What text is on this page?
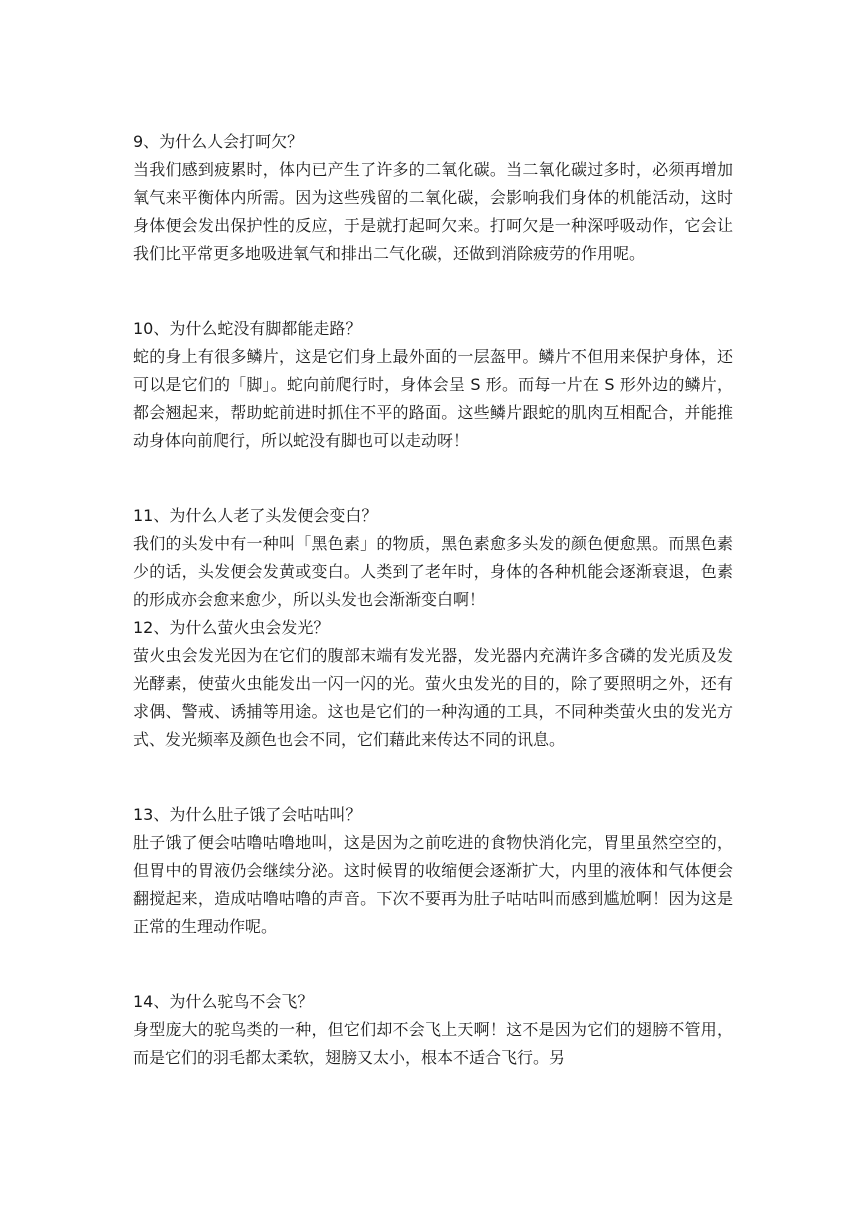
9、为什么人会打呵欠？

当我们感到疲累时，体内已产生了许多的二氧化碳。当二氧化碳过多时，必须再增加氧气来平衡体内所需。因为这些残留的二氧化碳，会影响我们身体的机能活动，这时身体便会发出保护性的反应，于是就打起呵欠来。打呵欠是一种深呼吸动作，它会让我们比平常更多地吸进氧气和排出二气化碳，还做到消除疲劳的作用呢。

10、为什么蛇没有脚都能走路？

蛇的身上有很多鳞片，这是它们身上最外面的一层盔甲。鳞片不但用来保护身体，还可以是它们的「脚」。蛇向前爬行时，身体会呈 S 形。而每一片在 S 形外边的鳞片，都会翘起来，帮助蛇前进时抓住不平的路面。这些鳞片跟蛇的肌肉互相配合，并能推动身体向前爬行，所以蛇没有脚也可以走动呀！

11、为什么人老了头发便会变白？

我们的头发中有一种叫「黑色素」的物质，黑色素愈多头发的颜色便愈黑。而黑色素少的话，头发便会发黄或变白。人类到了老年时，身体的各种机能会逐渐衰退，色素的形成亦会愈来愈少，所以头发也会渐渐变白啊！

12、为什么萤火虫会发光？

萤火虫会发光因为在它们的腹部末端有发光器，发光器内充满许多含磷的发光质及发光酵素，使萤火虫能发出一闪一闪的光。萤火虫发光的目的，除了要照明之外，还有求偶、警戒、诱捕等用途。这也是它们的一种沟通的工具，不同种类萤火虫的发光方式、发光频率及颜色也会不同，它们藉此来传达不同的讯息。

13、为什么肚子饿了会咕咕叫？

肚子饿了便会咕噜咕噜地叫，这是因为之前吃进的食物快消化完，胃里虽然空空的，但胃中的胃液仍会继续分泌。这时候胃的收缩便会逐渐扩大，内里的液体和气体便会翻搅起来，造成咕噜咕噜的声音。下次不要再为肚子咕咕叫而感到尴尬啊！因为这是正常的生理动作呢。

14、为什么驼鸟不会飞？

身型庞大的驼鸟类的一种，但它们却不会飞上天啊！这不是因为它们的翅膀不管用，而是它们的羽毛都太柔软，翅膀又太小，根本不适合飞行。另
